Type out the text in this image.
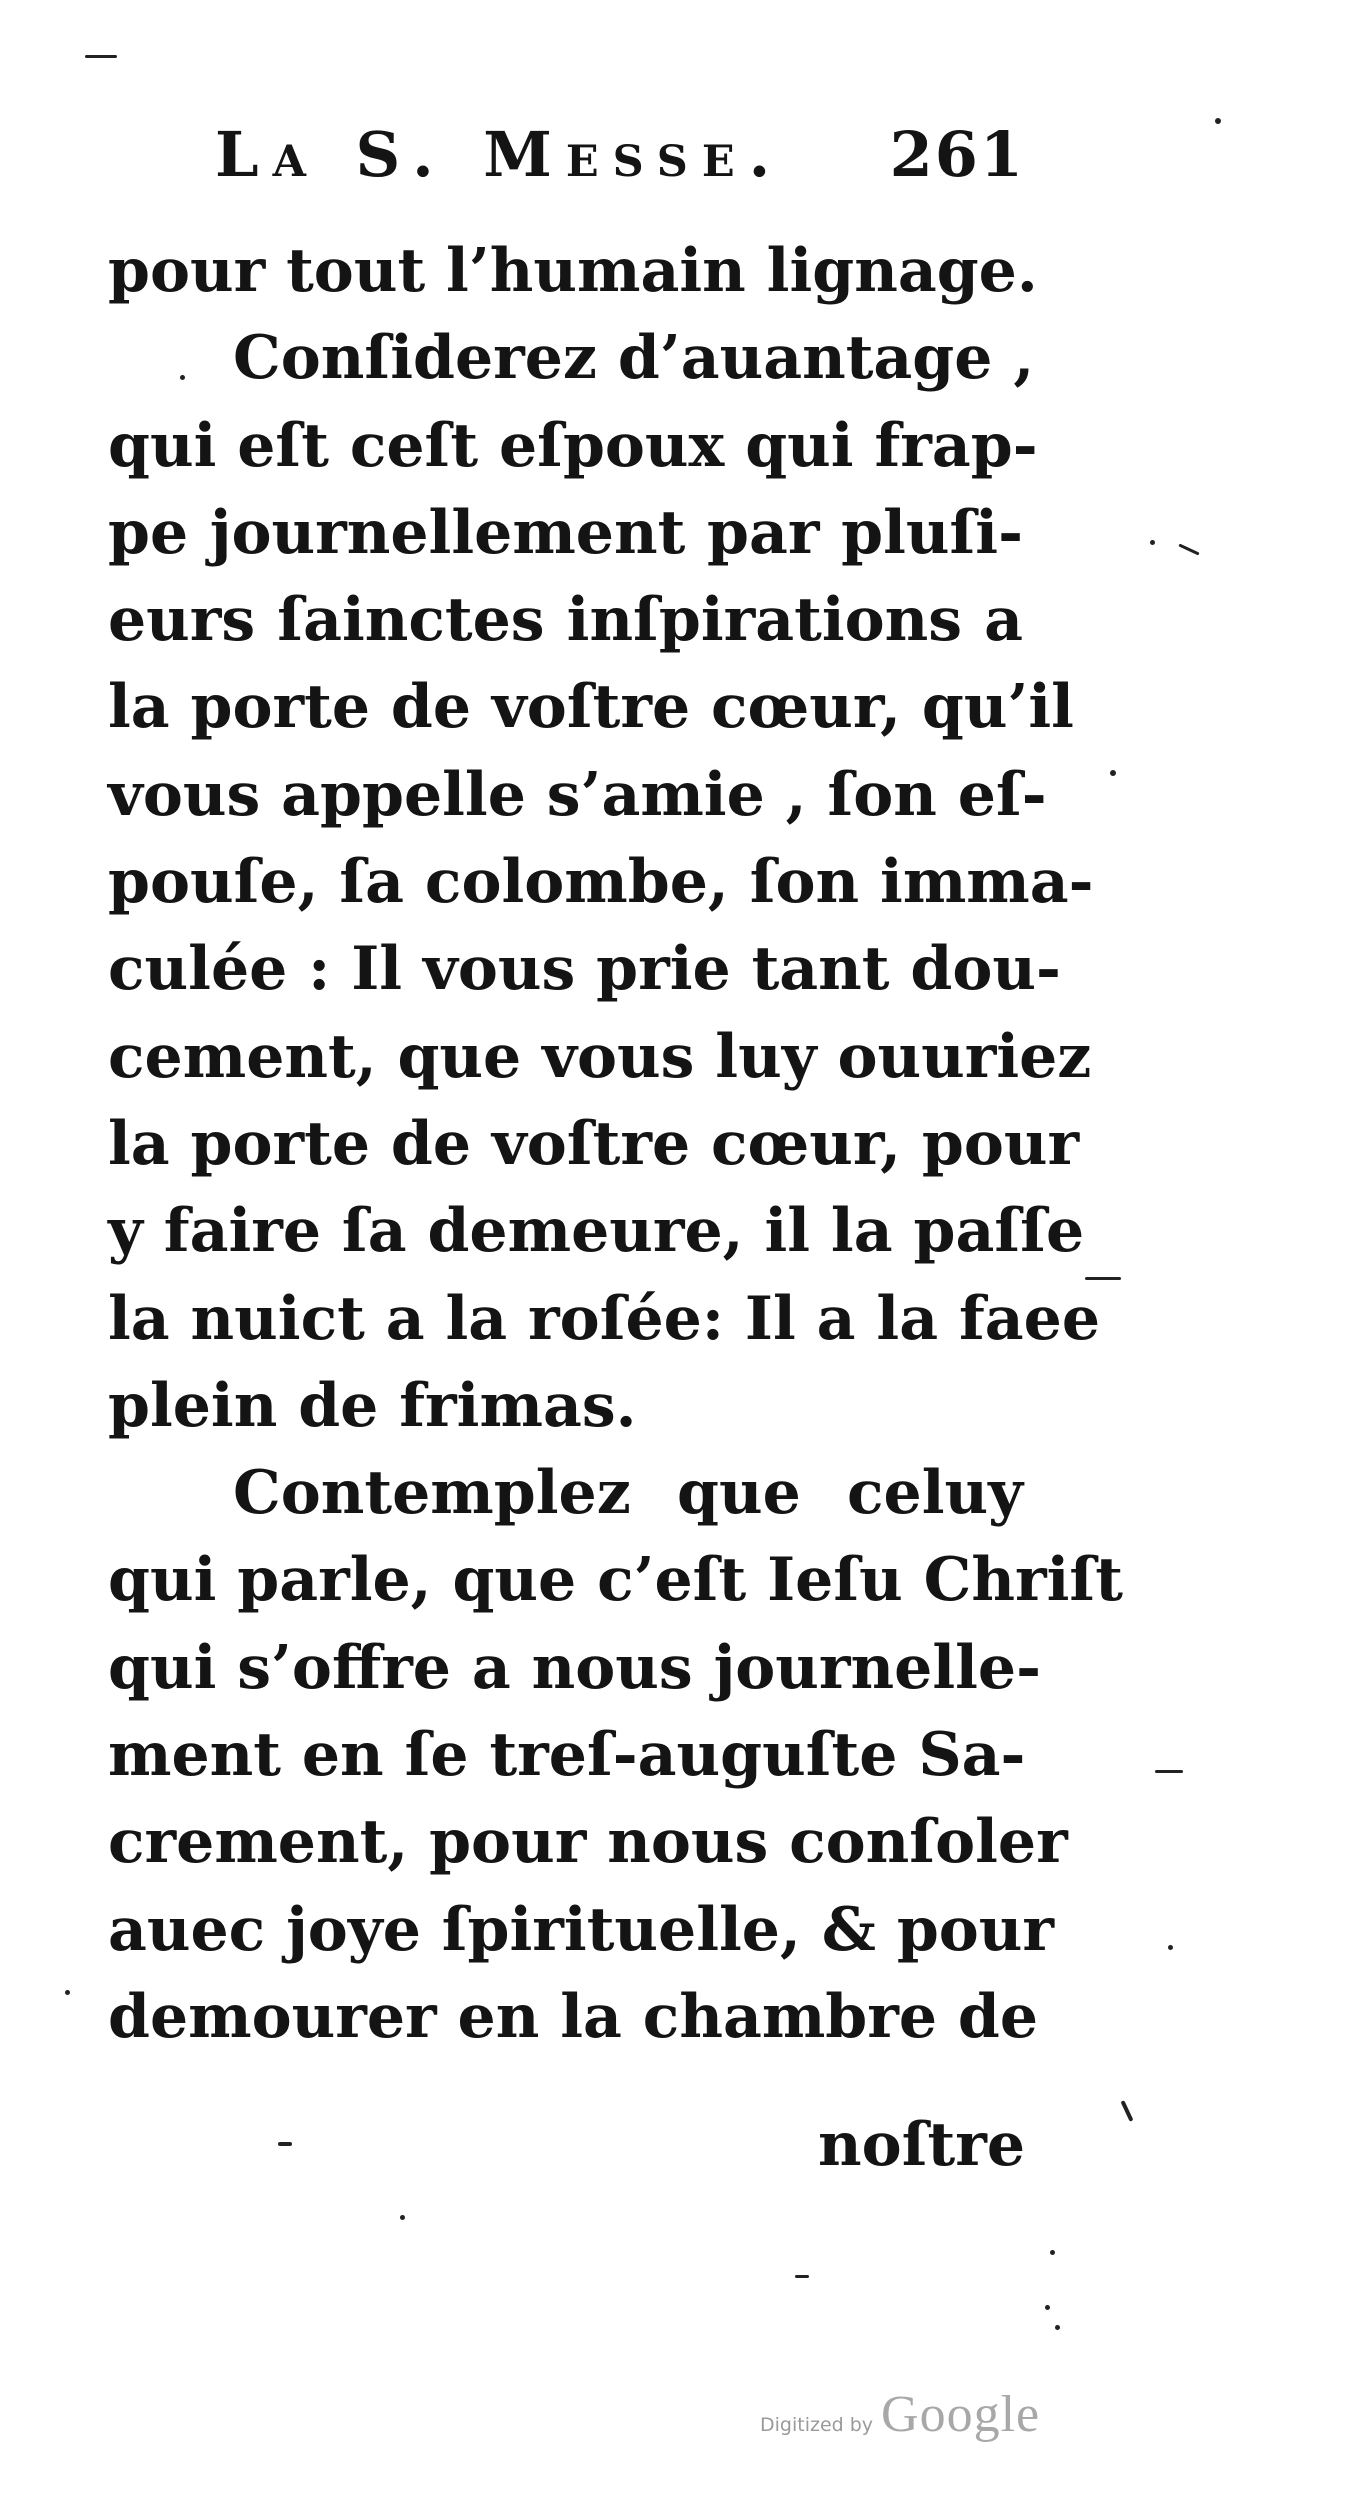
La S. Messe. 261
pour tout l’humain lignage.
Conſiderez d’auantage ,
qui eſt ceſt eſpoux qui frap-
pe journellement par pluſi-
eurs ſainctes inſpirations a
la porte de voſtre cœur, qu’il
vous appelle s’amie , ſon eſ-
pouſe, ſa colombe, ſon imma-
culée : Il vous prie tant dou-
cement, que vous luy ouuriez
la porte de voſtre cœur, pour
y faire ſa demeure, il la paſſe
la nuict a la roſée: Il a la faee
plein de frimas.
Contemplez que celuy
qui parle, que c’eſt Ieſu Chriſt
qui s’offre a nous journelle-
ment en ſe treſ-auguſte Sa-
crement, pour nous conſoler
auec joye ſpirituelle, & pour
demourer en la chambre de
noſtre
Digitized by Google
